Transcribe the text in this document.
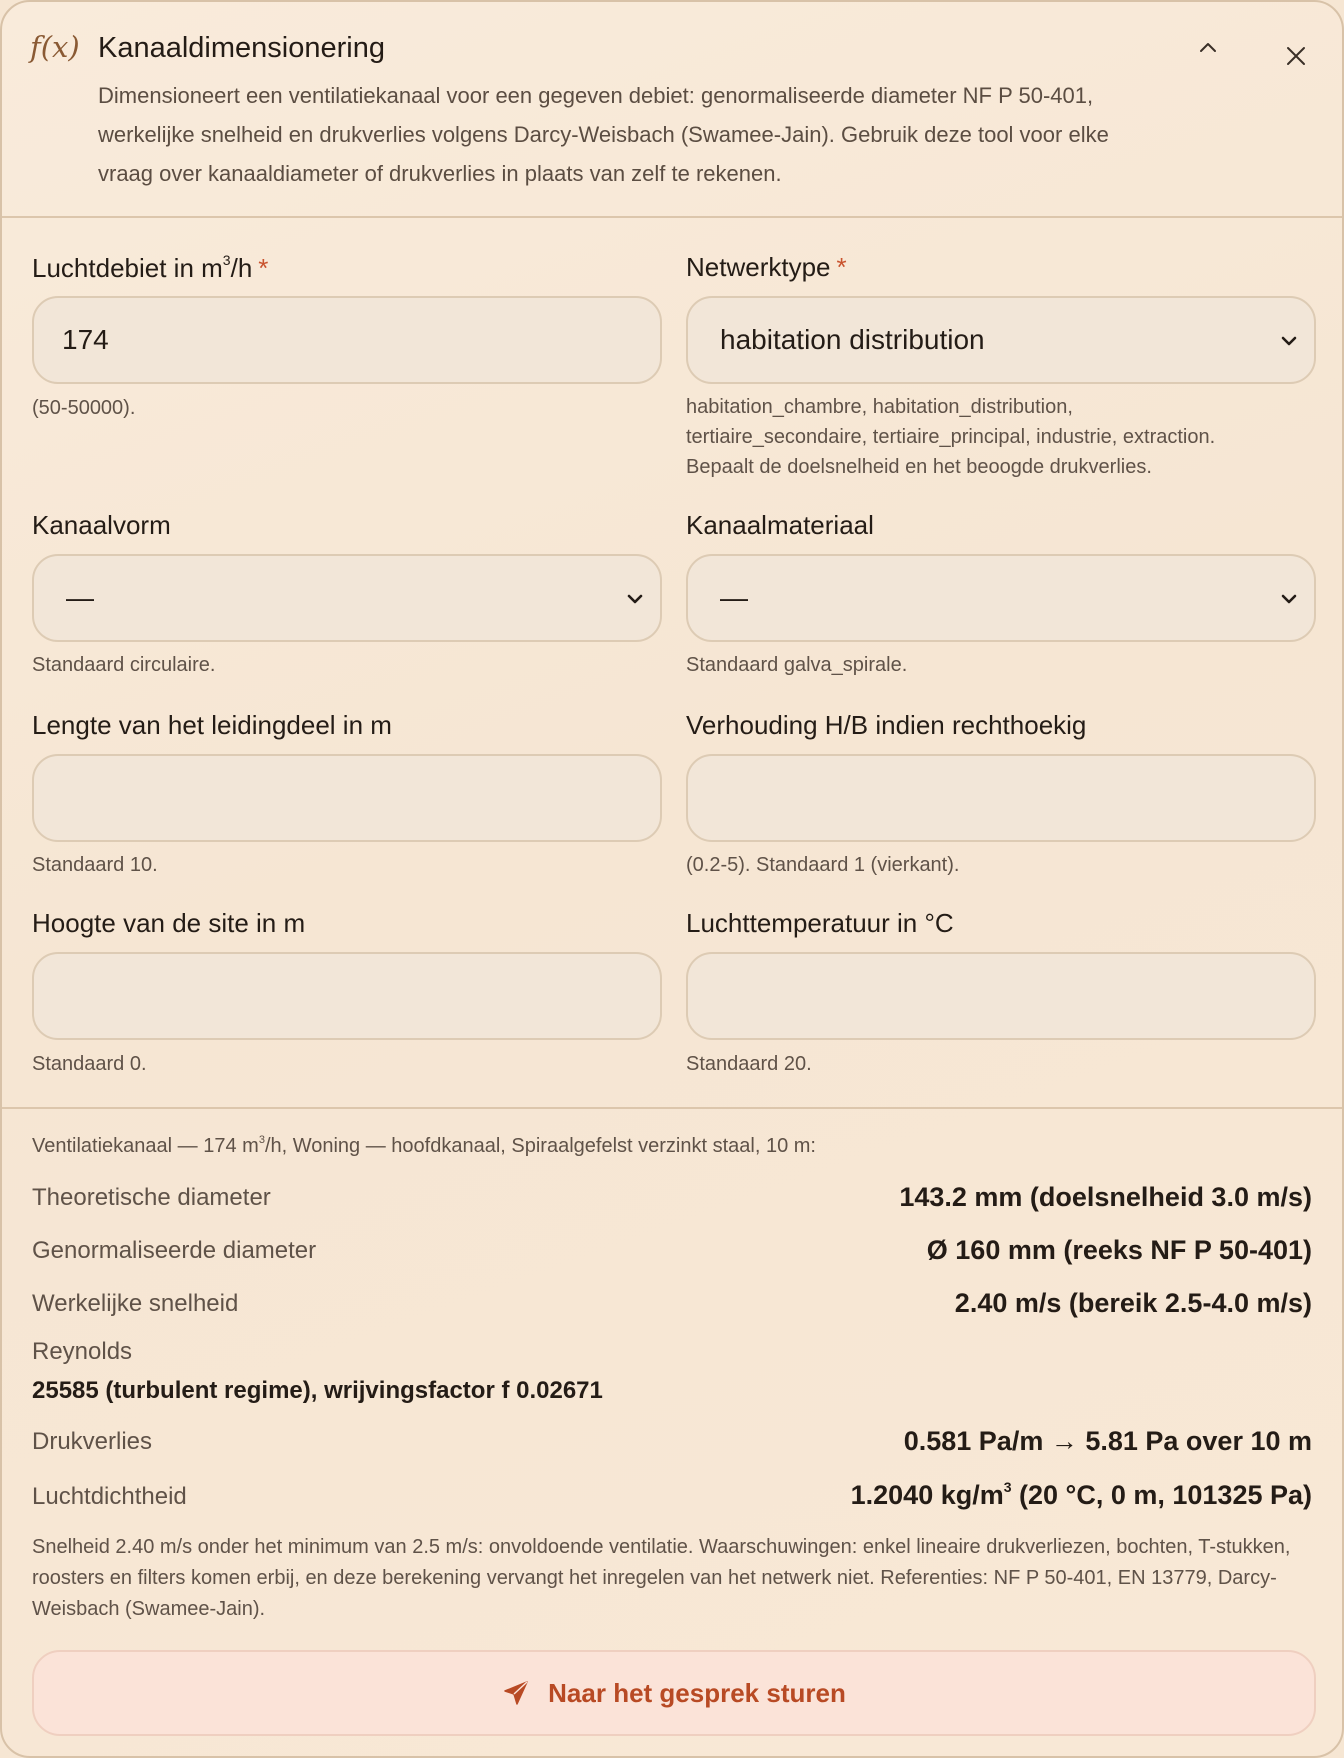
f(x) Kanaaldimensionering
Dimensioneert een ventilatiekanaal voor een gegeven debiet: genormaliseerde diameter NF P 50-401, werkelijke snelheid en drukverlies volgens Darcy-Weisbach (Swamee-Jain). Gebruik deze tool voor elke vraag over kanaaldiameter of drukverlies in plaats van zelf te rekenen.
Luchtdebiet in $m^3/h$ *
174
(50-50000).
Netwerktype *
habitation distribution
habitation_chambre, habitation_distribution,
tertiaire_secondaire, tertiaire_principal, industrie, extraction.
Bepaalt de doelsnelheid en het beoogde drukverlies.
Kanaalvorm
—
Standaard circulaire.
Kanaalmateriaal
—
Standaard galva_spirale.
Lengte van het leidingdeel in m
Standaard 10.
Verhouding H/B indien rechthoekig
(0.2-5). Standaard 1 (vierkant).
Hoogte van de site in m
Standaard 0.
Luchttemperatuur in °C
Standaard 20.
Ventilatiekanaal — 174 $m^3/h$, Woning — hoofdkanaal, Spiraalgefelst verzinkt staal, 10 m:
Theoretische diameter	143.2 mm (doelsnelheid 3.0 m/s)
Genormaliseerde diameter	Ø 160 mm (reeks NF P 50-401)
Werkelijke snelheid	2.40 m/s (bereik 2.5-4.0 m/s)
Reynolds
25585 (turbulent regime), wrijvingsfactor f 0.02671
Drukverlies	0.581 Pa/m → 5.81 Pa over 10 m
Luchtdichtheid	1.2040 $kg/m^3$ (20 °C, 0 m, 101325 Pa)
Snelheid 2.40 m/s onder het minimum van 2.5 m/s: onvoldoende ventilatie. Waarschuwingen: enkel lineaire drukverliezen, bochten, T-stukken, roosters en filters komen erbij, en deze berekening vervangt het inregelen van het netwerk niet. Referenties: NF P 50-401, EN 13779, Darcy-Weisbach (Swamee-Jain).
Naar het gesprek sturen
